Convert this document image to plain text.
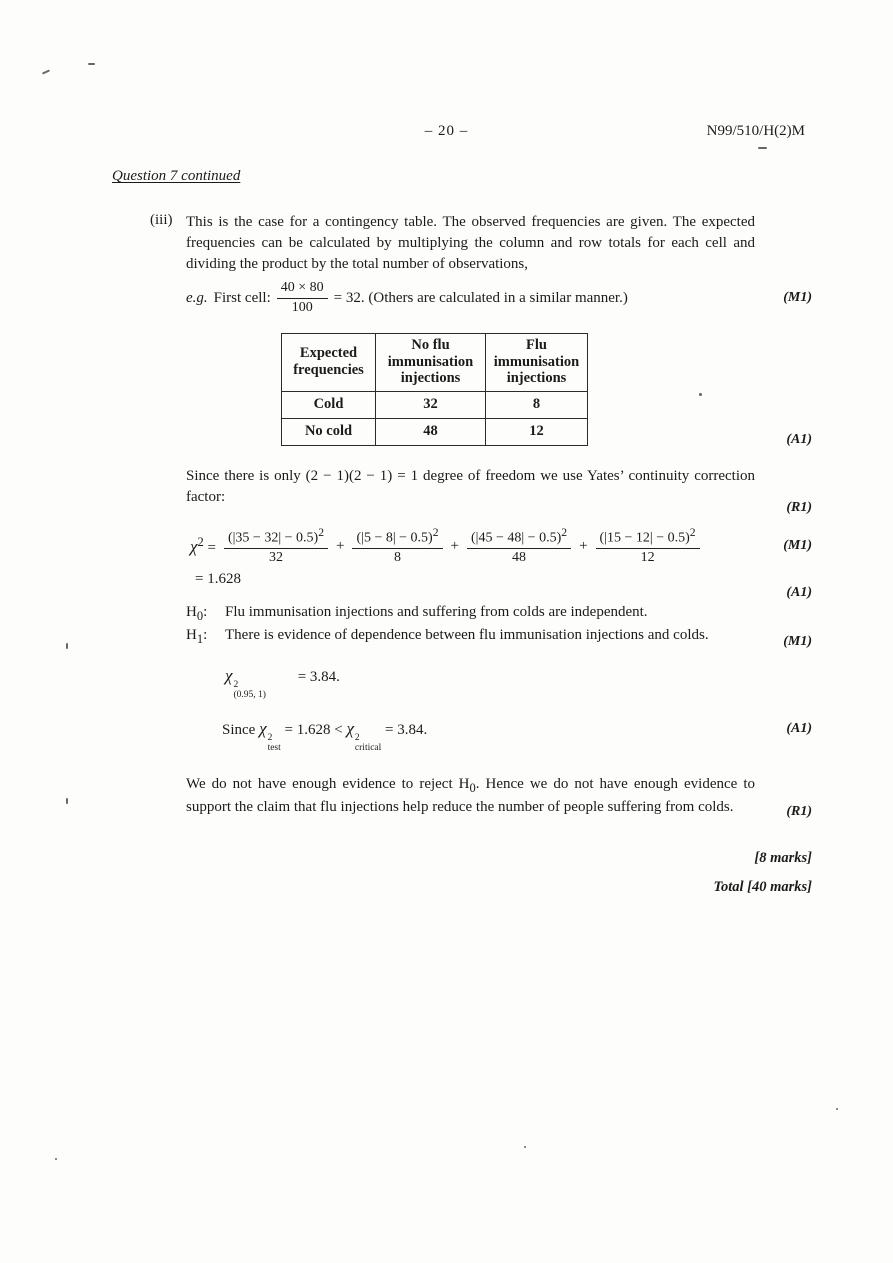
– 20 –	N99/510/H(2)M
Question 7 continued
(iii) This is the case for a contingency table. The observed frequencies are given. The expected frequencies can be calculated by multiplying the column and row totals for each cell and dividing the product by the total number of observations,

e.g. First cell: $\frac{40 \times 80}{100} = 32$. (Others are calculated in a similar manner.)	(M1)
Expected frequencies	No flu immunisation injections	Flu immunisation injections
Cold	32	8
No cold	48	12	(A1)

Since there is only (2 − 1)(2 − 1) = 1 degree of freedom we use Yates’ continuity correction factor:

(R1)
$\chi^2 = \frac{(|35 - 32| - 0.5)^2}{32} + \frac{(|5 - 8| - 0.5)^2}{8} + \frac{(|45 - 48| - 0.5)^2}{48} + \frac{(|15 - 12| - 0.5)^2}{12}$	(M1)
= 1.628
(A1)
$H_0$:	Flu immunisation injections and suffering from colds are independent.
$H_1$:	There is evidence of dependence between flu immunisation injections and colds.	(M1)
χ 2
(0.95, 1)
= 3.84.
Since χ 2
test
= 1.628 < χ 2
critical
= 3.84.	(A1)

We do not have enough evidence to reject $H_0$. Hence we do not have enough evidence to support the claim that flu injections help reduce the number of people suffering from colds.	(R1)
[8 marks]
Total [40 marks]
